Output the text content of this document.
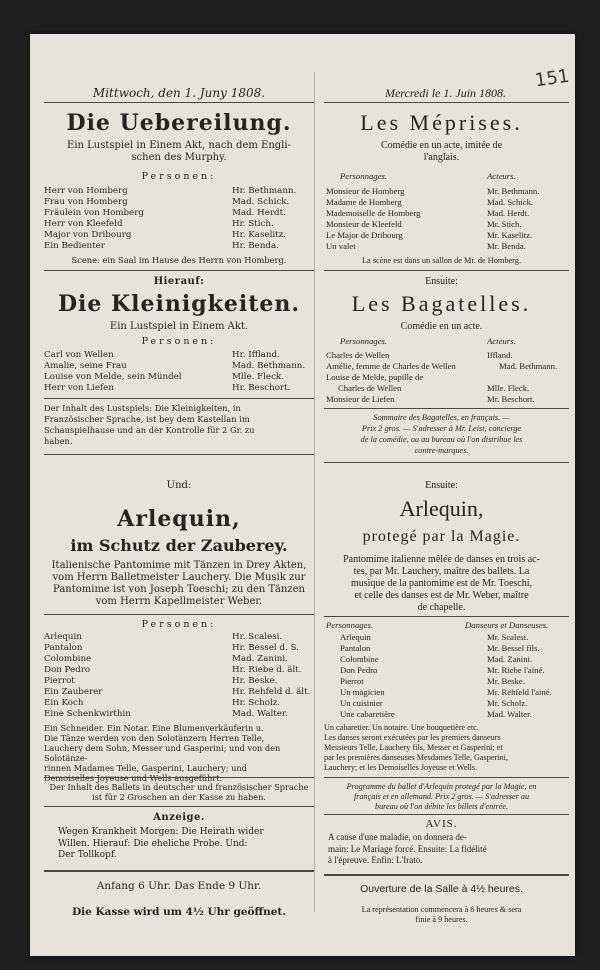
151
Mittwoch, den 1. Juny 1808.
Die Uebereilung.
Ein Lustspiel in Einem Akt, nach dem Engli-
schen des Murphy.
Personen:
Herr von Homberg	Hr. Bethmann.
Frau von Homberg	Mad. Schick.
Fräulein von Homberg	Mad. Herdt.
Herr von Kleefeld	Hr. Stich.
Major von Dribourg	Hr. Kaselitz.
Ein Bedienter	Hr. Benda.
Scene: ein Saal im Hause des Herrn von Homberg.
Hierauf:
Die Kleinigkeiten.
Ein Lustspiel in Einem Akt.
Personen:
Carl von Wellen	Hr. Iffland.
Amalie, seine Frau	Mad. Bethmann.
Louise von Melde, sein Mündel	Mlle. Fleck.
Herr von Liefen	Hr. Beschort.
Der Inhalt des Lustspiels: Die Kleinigkeiten, in
Französischer Sprache, ist bey dem Kastellan im
Schauspielhause und an der Kontrolle für 2 Gr. zu
haben.
Und:
Arlequin,
im Schutz der Zauberey.
Italienische Pantomime mit Tänzen in Drey Akten,
vom Herrn Balletmeister Lauchery. Die Musik zur
Pantomime ist von Joseph Toeschi; zu den Tänzen
vom Herrn Kapellmeister Weber.
Personen:
Arlequin	Hr. Scalesi.
Pantalon	Hr. Bessel d. S.
Colombine	Mad. Zanini.
Don Pedro	Hr. Riebe d. ält.
Pierrot	Hr. Beske.
Ein Zauberer	Hr. Rehfeld d. ält.
Ein Koch	Hr. Scholz.
Eine Schenkwirthin	Mad. Walter.
Ein Schneider. Ein Notar. Eine Blumenverkäuferin u.
Die Tänze werden von den Solotänzern Herren Telle,
Lauchery dem Sohn, Messer und Gasperini; und von den Solotänze-
rinnen Madames Telle, Gasperini, Lauchery; und
Demoiselles Joyeuse und Wells ausgeführt.
Der Inhalt des Ballets in deutscher und französischer Sprache
ist für 2 Groschen an der Kasse zu haben.
Anzeige.
Wegen Krankheit Morgen: Die Heirath wider
Willen. Hierauf: Die eheliche Probe. Und:
Der Tollkopf.
Anfang 6 Uhr. Das Ende 9 Uhr.
Die Kasse wird um 4½ Uhr geöffnet.
Mercredi le 1. Juin 1808.
Les Méprises.
Comédie en un acte, imitée de
l'anglais.
Personnages.	Acteurs.
Monsieur de Homberg	Mr. Bethmann.
Madame de Homberg	Mad. Schick.
Mademoiselle de Homberg	Mad. Herdt.
Monsieur de Kleefeld	Mr. Stich.
Le Major de Dribourg	Mr. Kaselitz.
Un valet	Mr. Benda.
La scène est dans un sallon de Mr. de Homberg.
Ensuite:
Les Bagatelles.
Comédie en un acte.
Personnages.	Acteurs.
Charles de Wellen	Iffland.
Amélie, femme de Charles de Wellen	Mad. Bethmann.
Louise de Melde, pupille de
Charles de Wellen	Mlle. Fleck.
Monsieur de Liefen	Mr. Beschort.
Sommaire des Bagatelles, en français. —
Prix 2 gros. — S'adresser à Mr. Leist, concierge
de la comédie, ou au bureau où l'on distribue les
contre-marques.
Ensuite:
Arlequin,
protegé par la Magie.
Pantomime italienne mêlée de danses en trois ac-
tes, par Mr. Lauchery, maître des ballets. La
musique de la pantomime est de Mr. Toeschi,
et celle des danses est de Mr. Weber, maître
de chapelle.
Personnages.	Danseurs et Danseuses.
Arlequin	Mr. Scalesi.
Pantalon	Mr. Bessel fils.
Colombine	Mad. Zanini.
Don Pedro	Mr. Riebe l'ainé.
Pierrot	Mr. Beske.
Un magicien	Mr. Rehfeld l'ainé.
Un cuisinier	Mr. Scholz.
Une cabaretière	Mad. Walter.
Un cabaretier. Un notaire. Une bouquetière etc.
Les danses seront exécutées par les premiers danseurs
Messieurs Telle, Lauchery fils, Messer et Gasperini; et
par les premières danseuses Mesdames Telle, Gasperini,
Lauchery; et les Demoiselles Joyeuse et Wells.
Programme du ballet d'Arlequin protegé par la Magie, en
français et en allemand. Prix 2 gros. — S'adresser au
bureau où l'on débite les billets d'entrée.
AVIS.
A cause d'une maladie, on donnera de-
main: Le Mariage forcé. Ensuite: La fidélité
à l'épreuve. Enfin: L'Irato.
Ouverture de la Salle à 4½ heures.
La représentation commencera à 6 heures & sera
finie à 9 heures.
